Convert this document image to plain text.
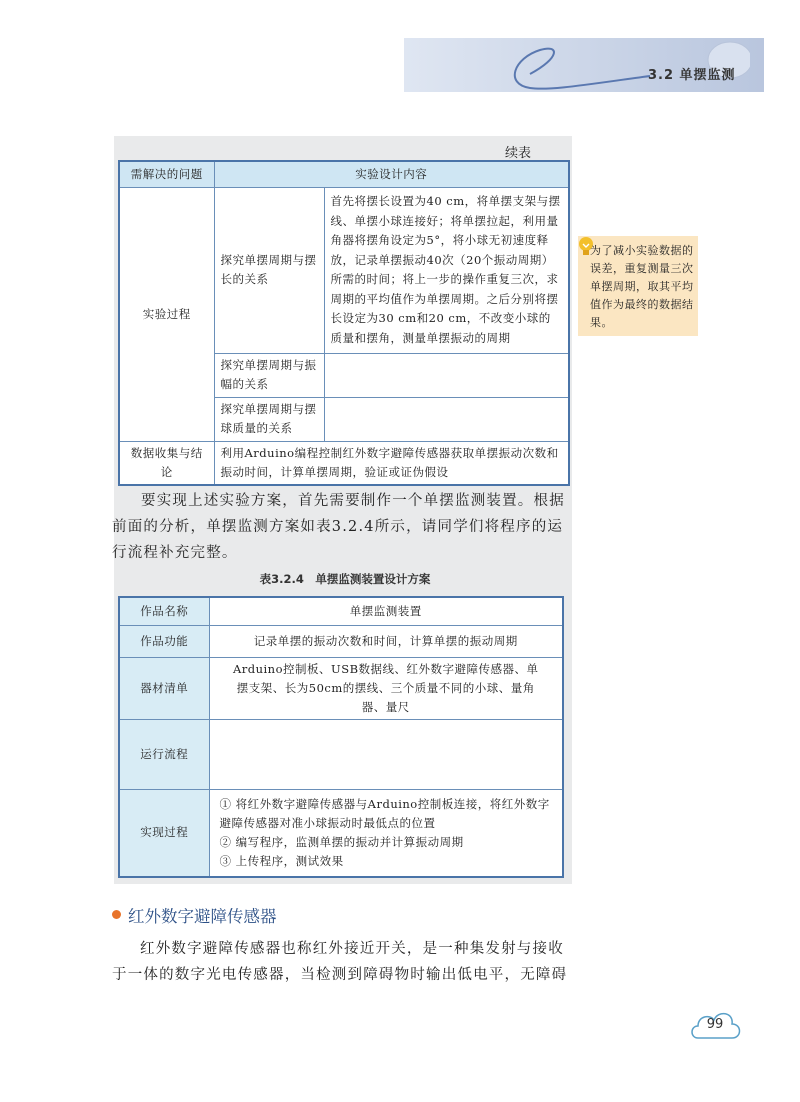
3.2 单摆监测
续表
需解决的问题	实验设计内容	
实验过程	探究单摆周期与摆长的关系	首先将摆长设置为40 cm，将单摆支架与摆线、单摆小球连接好；将单摆拉起，利用量角器将摆角设定为5°，将小球无初速度释放，记录单摆振动40次（20个振动周期）所需的时间；将上一步的操作重复三次，求周期的平均值作为单摆周期。之后分别将摆长设定为30 cm和20 cm，不改变小球的质量和摆角，测量单摆振动的周期
	探究单摆周期与振幅的关系	
	探究单摆周期与摆球质量的关系	
数据收集与结论	利用Arduino编程控制红外数字避障传感器获取单摆振动次数和振动时间，计算单摆周期，验证或证伪假设	
为了减小实验数据的误差，重复测量三次单摆周期，取其平均值作为最终的数据结果。
要实现上述实验方案，首先需要制作一个单摆监测装置。根据前面的分析，单摆监测方案如表3.2.4所示，请同学们将程序的运行流程补充完整。
表3.2.4　单摆监测装置设计方案
作品名称	单摆监测装置
作品功能	记录单摆的振动次数和时间，计算单摆的振动周期
器材清单	Arduino控制板、USB数据线、红外数字避障传感器、单摆支架、长为50cm的摆线、三个质量不同的小球、量角器、量尺
运行流程	
实现过程	① 将红外数字避障传感器与Arduino控制板连接，将红外数字避障传感器对准小球振动时最低点的位置
② 编写程序，监测单摆的振动并计算振动周期
③ 上传程序，测试效果
红外数字避障传感器
红外数字避障传感器也称红外接近开关，是一种集发射与接收
于一体的数字光电传感器，当检测到障碍物时输出低电平，无障碍
99
